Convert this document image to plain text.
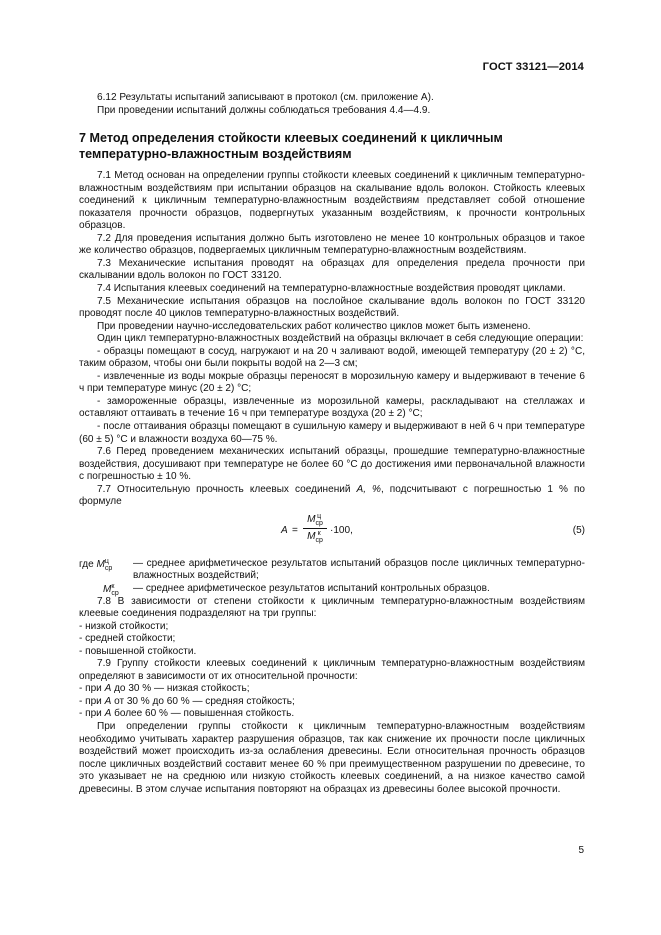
ГОСТ 33121—2014

6.12 Результаты испытаний записывают в протокол (см. приложение А).

При проведении испытаний должны соблюдаться требования 4.4—4.9.

7 Метод определения стойкости клеевых соединений к цикличным температурно-влажностным воздействиям

7.1 Метод основан на определении группы стойкости клеевых соединений к цикличным температурно-влажностным воздействиям при испытании образцов на скалывание вдоль волокон. Стойкость клеевых соединений к цикличным температурно-влажностным воздействиям представляет собой отношение показателя прочности образцов, подвергнутых указанным воздействиям, к прочности контрольных образцов.

7.2 Для проведения испытания должно быть изготовлено не менее 10 контрольных образцов и такое же количество образцов, подвергаемых цикличным температурно-влажностным воздействиям.

7.3 Механические испытания проводят на образцах для определения предела прочности при скалывании вдоль волокон по ГОСТ 33120.

7.4 Испытания клеевых соединений на температурно-влажностные воздействия проводят циклами.

7.5 Механические испытания образцов на послойное скалывание вдоль волокон по ГОСТ 33120 проводят после 40 циклов температурно-влажностных воздействий.

При проведении научно-исследовательских работ количество циклов может быть изменено.

Один цикл температурно-влажностных воздействий на образцы включает в себя следующие операции:

- образцы помещают в сосуд, нагружают и на 20 ч заливают водой, имеющей температуру (20 ± 2) °C, таким образом, чтобы они были покрыты водой на 2—3 см;

- извлеченные из воды мокрые образцы переносят в морозильную камеру и выдерживают в течение 6 ч при температуре минус (20 ± 2) °C;

- замороженные образцы, извлеченные из морозильной камеры, раскладывают на стеллажах и оставляют оттаивать в течение 16 ч при температуре воздуха (20 ± 2) °C;

- после оттаивания образцы помещают в сушильную камеру и выдерживают в ней 6 ч при температуре (60 ± 5) °C и влажности воздуха 60—75 %.

7.6 Перед проведением механических испытаний образцы, прошедшие температурно-влажностные воздействия, досушивают при температуре не более 60 °C до достижения ими первоначальной влажности с погрешностью ± 10 %.

7.7 Относительную прочность клеевых соединений A, %, подсчитывают с погрешностью 1 % по формуле

A =
M ц
ср
M к
ср
·100,	(5)
где M ц
ср	— среднее арифметическое результатов испытаний образцов после цикличных температурно-влажностных воздействий;
M к
ср	— среднее арифметическое результатов испытаний контрольных образцов.

7.8 В зависимости от степени стойкости к цикличным температурно-влажностным воздействиям клеевые соединения подразделяют на три группы:

- низкой стойкости;

- средней стойкости;

- повышенной стойкости.

7.9 Группу стойкости клеевых соединений к цикличным температурно-влажностным воздействиям определяют в зависимости от их относительной прочности:

- при A до 30 % — низкая стойкость;

- при A от 30 % до 60 % — средняя стойкость;

- при A более 60 % — повышенная стойкость.

При определении группы стойкости к цикличным температурно-влажностным воздействиям необходимо учитывать характер разрушения образцов, так как снижение их прочности после цикличных воздействий может происходить из-за ослабления древесины. Если относительная прочность образцов после цикличных воздействий составит менее 60 % при преимущественном разрушении по древесине, то это указывает не на среднюю или низкую стойкость клеевых соединений, а на низкое качество самой древесины. В этом случае испытания повторяют на образцах из древесины более высокой прочности.

5
